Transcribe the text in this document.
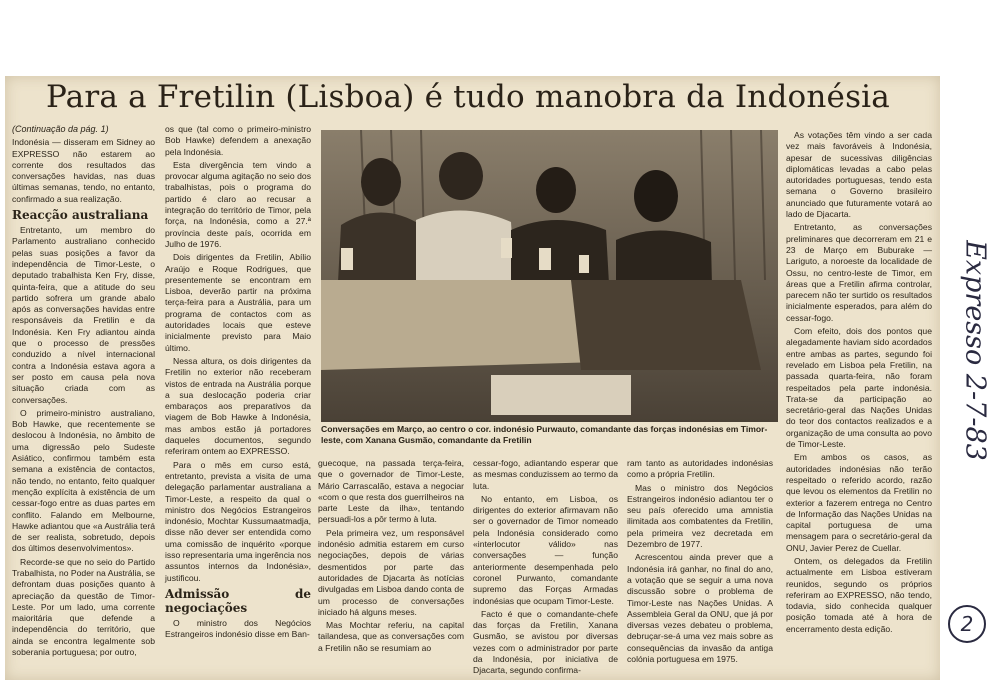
Para a Fretilin (Lisboa) é tudo manobra da Indonésia
(Continuação da pág. 1)

Indonésia — disseram em Sidney ao EXPRESSO não estarem ao corrente dos resultados das conversações havidas, nas duas últimas semanas, tendo, no entanto, confirmado a sua realização.

Reacção australiana

Entretanto, um membro do Parlamento australiano conhecido pelas suas posições a favor da independência de Timor-Leste, o deputado trabalhista Ken Fry, disse, quinta-feira, que a atitude do seu partido sofrera um grande abalo após as conversações havidas entre responsáveis da Fretilin e da Indonésia. Ken Fry adiantou ainda que o processo de pressões conduzido a nível internacional contra a Indonésia estava agora a ser posto em causa pela nova situação criada com as conversações.

O primeiro-ministro australiano, Bob Hawke, que recentemente se deslocou à Indonésia, no âmbito de uma digressão pelo Sudeste Asiático, confirmou também esta semana a existência de contactos, não tendo, no entanto, feito qualquer menção explícita à existência de um cessar-fogo entre as duas partes em conflito. Falando em Melbourne, Hawke adiantou que «a Austrália terá de ser realista, sobretudo, depois dos últimos desenvolvimentos».

Recorde-se que no seio do Partido Trabalhista, no Poder na Austrália, se defrontam duas posições quanto à apreciação da questão de Timor-Leste. Por um lado, uma corrente maioritária que defende a independência do território, que ainda se encontra legalmente sob soberania portuguesa; por outro,

os que (tal como o primeiro-ministro Bob Hawke) defendem a anexação pela Indonésia.

Esta divergência tem vindo a provocar alguma agitação no seio dos trabalhistas, pois o programa do partido é claro ao recusar a integração do território de Timor, pela força, na Indonésia, como a 27.ª província deste país, ocorrida em Julho de 1976.

Dois dirigentes da Fretilin, Abílio Araújo e Roque Rodrigues, que presentemente se encontram em Lisboa, deverão partir na próxima terça-feira para a Austrália, para um programa de contactos com as autoridades locais que esteve inicialmente previsto para Maio último.

Nessa altura, os dois dirigentes da Fretilin no exterior não receberam vistos de entrada na Austrália porque a sua deslocação poderia criar embaraços aos preparativos da viagem de Bob Hawke à Indonésia, mas ambos estão já portadores daqueles documentos, segundo referiram ontem ao EXPRESSO.

Para o mês em curso está, entretanto, prevista a visita de uma delegação parlamentar australiana a Timor-Leste, a respeito da qual o ministro dos Negócios Estrangeiros indonésio, Mochtar Kussumaatmadja, disse não dever ser entendida como uma comissão de inquérito «porque isso representaria uma ingerência nos assuntos internos da Indonésia», justificou.

Admissão de negociações

O ministro dos Negócios Estrangeiros indonésio disse em Ban-

Conversações em Março, ao centro o cor. indonésio Purwauto, comandante das forças indonésias em Timor-leste, com Xanana Gusmão, comandante da Fretilin

guecoque, na passada terça-feira, que o governador de Timor-Leste, Mário Carrascalão, estava a negociar «com o que resta dos guerrilheiros na parte Leste da ilha», tentando persuadi-los a pôr termo à luta.

Pela primeira vez, um responsável indonésio admitia estarem em curso negociações, depois de várias desmentidos por parte das autoridades de Djacarta às notícias divulgadas em Lisboa dando conta de um processo de conversações iniciado há alguns meses.

Mas Mochtar referiu, na capital tailandesa, que as conversações com a Fretilin não se resumiam ao

cessar-fogo, adiantando esperar que as mesmas conduzissem ao termo da luta.

No entanto, em Lisboa, os dirigentes do exterior afirmavam não ser o governador de Timor nomeado pela Indonésia considerado como «interlocutor válido» nas conversações — função anteriormente desempenhada pelo coronel Purwanto, comandante supremo das Forças Armadas indonésias que ocupam Timor-Leste.

Facto é que o comandante-chefe das forças da Fretilin, Xanana Gusmão, se avistou por diversas vezes com o administrador por parte da Indonésia, por iniciativa de Djacarta, segundo confirma-

ram tanto as autoridades indonésias como a própria Fretilin.

Mas o ministro dos Negócios Estrangeiros indonésio adiantou ter o seu país oferecido uma amnistia ilimitada aos combatentes da Fretilin, pela primeira vez decretada em Dezembro de 1977.

Acrescentou ainda prever que a Indonésia irá ganhar, no final do ano, a votação que se seguir a uma nova discussão sobre o problema de Timor-Leste nas Nações Unidas. A Assembleia Geral da ONU, que já por diversas vezes debateu o problema, debruçar-se-á uma vez mais sobre as consequências da invasão da antiga colónia portuguesa em 1975.

As votações têm vindo a ser cada vez mais favoráveis à Indonésia, apesar de sucessivas diligências diplomáticas levadas a cabo pelas autoridades portuguesas, tendo esta semana o Governo brasileiro anunciado que futuramente votará ao lado de Djacarta.

Entretanto, as conversações preliminares que decorreram em 21 e 23 de Março em Buburake — Lariguto, a noroeste da localidade de Ossu, no centro-leste de Timor, em áreas que a Fretilin afirma controlar, parecem não ter surtido os resultados inicialmente esperados, para além do cessar-fogo.

Com efeito, dois dos pontos que alegadamente haviam sido acordados entre ambas as partes, segundo foi revelado em Lisboa pela Fretilin, na passada quarta-feira, não foram respeitados pela parte indonésia. Trata-se da participação ao secretário-geral das Nações Unidas do teor dos contactos realizados e a organização de uma consulta ao povo de Timor-Leste.

Em ambos os casos, as autoridades indonésias não terão respeitado o referido acordo, razão que levou os elementos da Fretilin no exterior a fazerem entrega no Centro de Informação das Nações Unidas na capital portuguesa de uma mensagem para o secretário-geral da ONU, Javier Perez de Cuellar.

Ontem, os delegados da Fretilin actualmente em Lisboa estiveram reunidos, segundo os próprios referiram ao EXPRESSO, não tendo, todavia, sido conhecida qualquer posição tomada até à hora de encerramento desta edição.

Expresso 2-7-83
2
